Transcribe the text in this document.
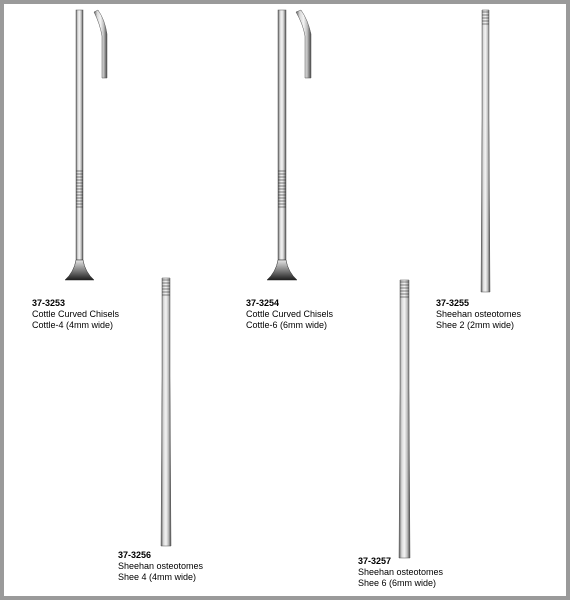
37-3253
Cottle Curved Chisels
Cottle-4 (4mm wide)
37-3254
Cottle Curved Chisels
Cottle-6 (6mm wide)
37-3255
Sheehan osteotomes
Shee 2 (2mm wide)
37-3256
Sheehan osteotomes
Shee 4 (4mm wide)
37-3257
Sheehan osteotomes
Shee 6 (6mm wide)
